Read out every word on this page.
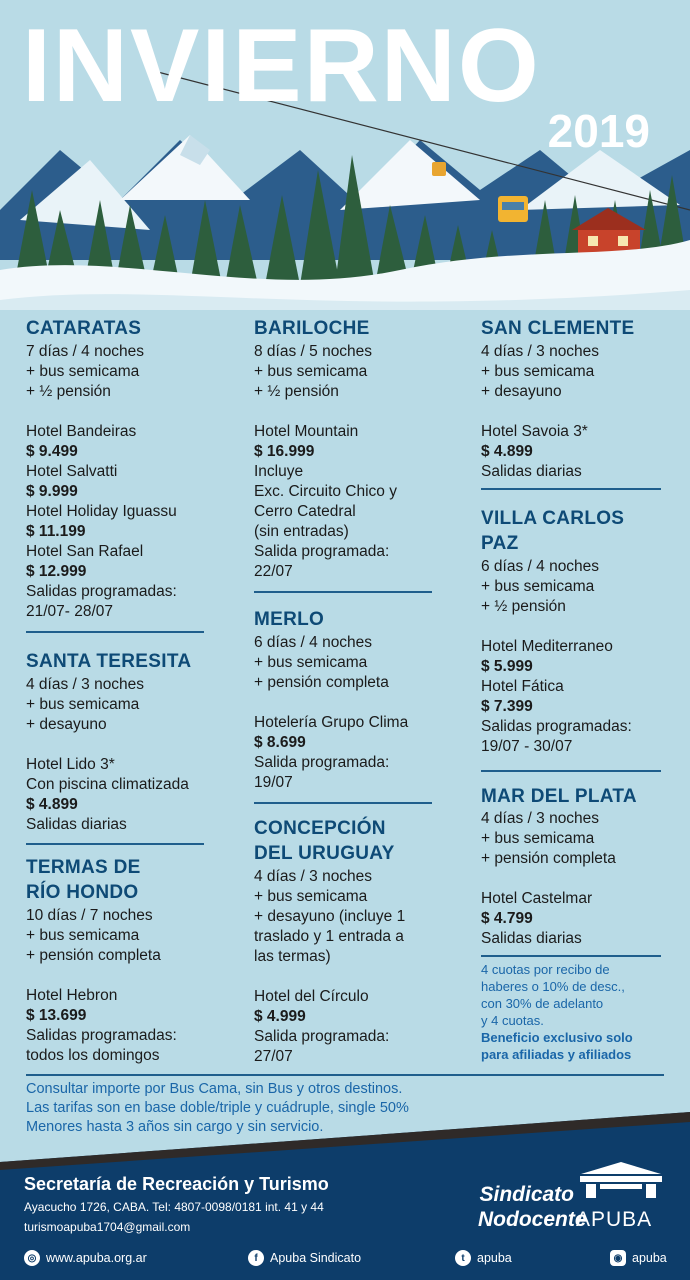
INVIERNO
2019
CATARATAS
7 días / 4 noches
+ bus semicama
+ ½ pensión
Hotel Bandeiras
$ 9.499
Hotel Salvatti
$ 9.999
Hotel Holiday Iguassu
$ 11.199
Hotel San Rafael
$ 12.999
Salidas programadas:
21/07- 28/07
SANTA TERESITA
4 días / 3 noches
+ bus semicama
+ desayuno
Hotel Lido 3*
Con piscina climatizada
$ 4.899
Salidas diarias
TERMAS DE
RÍO HONDO
10 días / 7 noches
+ bus semicama
+ pensión completa
Hotel Hebron
$ 13.699
Salidas programadas:
todos los domingos
BARILOCHE
8 días / 5 noches
+ bus semicama
+ ½ pensión
Hotel Mountain
$ 16.999
Incluye
Exc. Circuito Chico y
Cerro Catedral
(sin entradas)
Salida programada:
22/07
MERLO
6 días / 4 noches
+ bus semicama
+ pensión completa
Hotelería Grupo Clima
$ 8.699
Salida programada:
19/07
CONCEPCIÓN
DEL URUGUAY
4 días / 3 noches
+ bus semicama
+ desayuno (incluye 1
traslado y 1 entrada a
las termas)
Hotel del Círculo
$ 4.999
Salida programada:
27/07
SAN CLEMENTE
4 días / 3 noches
+ bus semicama
+ desayuno
Hotel Savoia 3*
$ 4.899
Salidas diarias
VILLA CARLOS
PAZ
6 días / 4 noches
+ bus semicama
+ ½ pensión
Hotel Mediterraneo
$ 5.999
Hotel Fática
$ 7.399
Salidas programadas:
19/07 - 30/07
MAR DEL PLATA
4 días / 3 noches
+ bus semicama
+ pensión completa
Hotel Castelmar
$ 4.799
Salidas diarias
4 cuotas por recibo de
haberes o 10% de desc.,
con 30% de adelanto
y 4 cuotas.
Beneficio exclusivo solo
para afiliadas y afiliados
Consultar importe por Bus Cama, sin Bus y otros destinos.
Las tarifas son en base doble/triple y cuádruple, single 50%
Menores hasta 3 años sin cargo y sin servicio.
Secretaría de Recreación y Turismo
Ayacucho 1726, CABA. Tel: 4807-0098/0181 int. 41 y 44
turismoapuba1704@gmail.com
Sindicato
Nodocente
APUBA
◎ www.apuba.org.ar	f Apuba Sindicato	t apuba	◉ apuba
